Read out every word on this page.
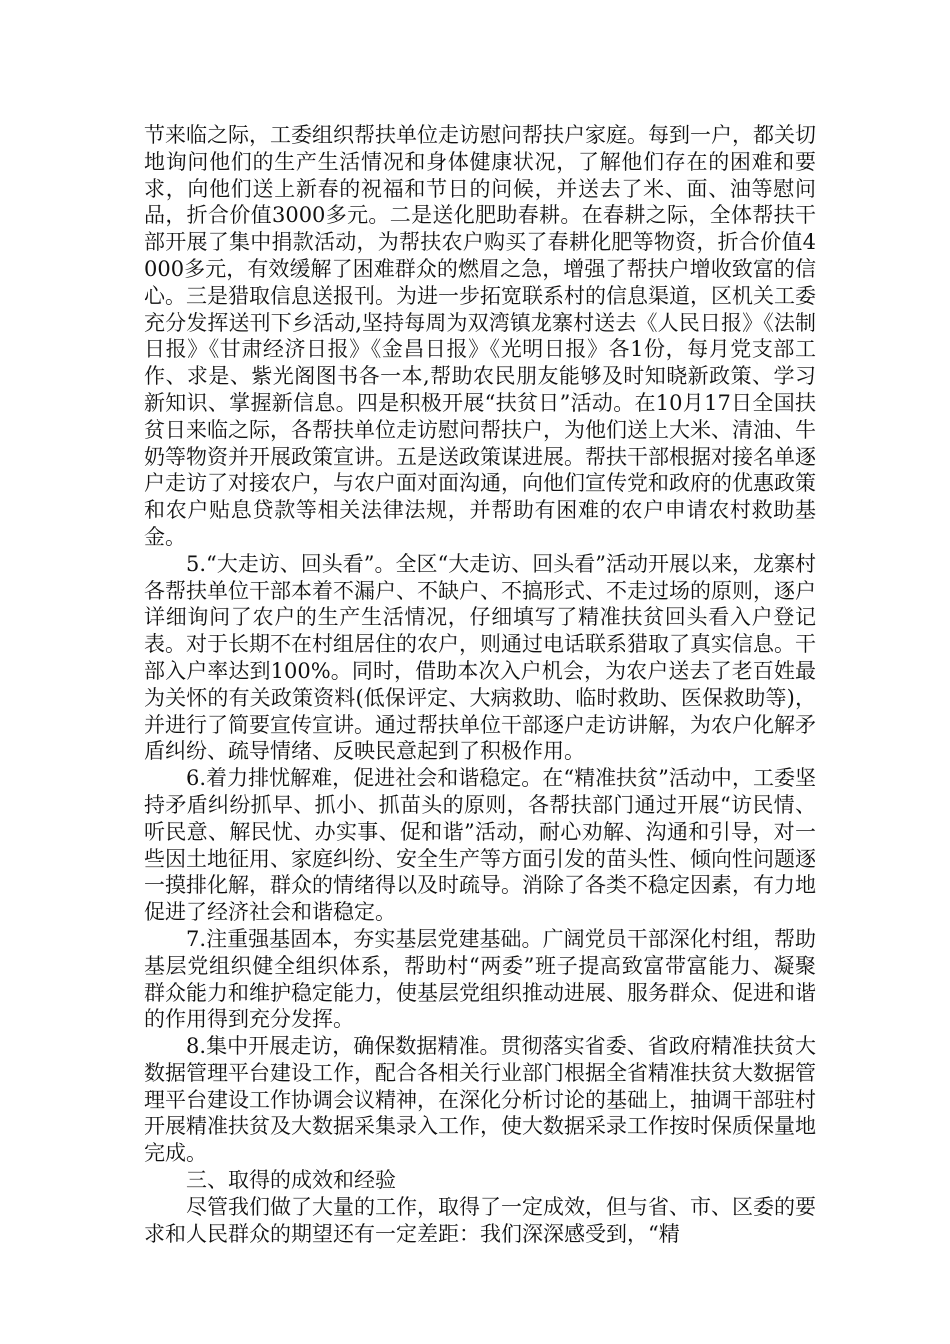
节来临之际，工委组织帮扶单位走访慰问帮扶户家庭。每到一户，都关切地询问他们的生产生活情况和身体健康状况，了解他们存在的困难和要求，向他们送上新春的祝福和节日的问候，并送去了米、面、油等慰问品，折合价值3000多元。二是送化肥助春耕。在春耕之际，全体帮扶干部开展了集中捐款活动，为帮扶农户购买了春耕化肥等物资，折合价值4000多元，有效缓解了困难群众的燃眉之急，增强了帮扶户增收致富的信心。三是猎取信息送报刊。为进一步拓宽联系村的信息渠道，区机关工委充分发挥送刊下乡活动,坚持每周为双湾镇龙寨村送去《人民日报》《法制日报》《甘肃经济日报》《金昌日报》《光明日报》各1份，每月党支部工作、求是、紫光阁图书各一本,帮助农民朋友能够及时知晓新政策、学习新知识、掌握新信息。四是积极开展“扶贫日”活动。在10月17日全国扶贫日来临之际，各帮扶单位走访慰问帮扶户，为他们送上大米、清油、牛奶等物资并开展政策宣讲。五是送政策谋进展。帮扶干部根据对接名单逐户走访了对接农户，与农户面对面沟通，向他们宣传党和政府的优惠政策和农户贴息贷款等相关法律法规，并帮助有困难的农户申请农村救助基金。

5.“大走访、回头看”。全区“大走访、回头看”活动开展以来，龙寨村各帮扶单位干部本着不漏户、不缺户、不搞形式、不走过场的原则，逐户详细询问了农户的生产生活情况，仔细填写了精准扶贫回头看入户登记表。对于长期不在村组居住的农户，则通过电话联系猎取了真实信息。干部入户率达到100%。同时，借助本次入户机会，为农户送去了老百姓最为关怀的有关政策资料(低保评定、大病救助、临时救助、医保救助等)，并进行了简要宣传宣讲。通过帮扶单位干部逐户走访讲解，为农户化解矛盾纠纷、疏导情绪、反映民意起到了积极作用。

6.着力排忧解难，促进社会和谐稳定。在“精准扶贫”活动中，工委坚持矛盾纠纷抓早、抓小、抓苗头的原则，各帮扶部门通过开展“访民情、听民意、解民忧、办实事、促和谐”活动，耐心劝解、沟通和引导，对一些因土地征用、家庭纠纷、安全生产等方面引发的苗头性、倾向性问题逐一摸排化解，群众的情绪得以及时疏导。消除了各类不稳定因素，有力地促进了经济社会和谐稳定。

7.注重强基固本，夯实基层党建基础。广阔党员干部深化村组，帮助基层党组织健全组织体系，帮助村“两委”班子提高致富带富能力、凝聚群众能力和维护稳定能力，使基层党组织推动进展、服务群众、促进和谐的作用得到充分发挥。

8.集中开展走访，确保数据精准。贯彻落实省委、省政府精准扶贫大数据管理平台建设工作，配合各相关行业部门根据全省精准扶贫大数据管理平台建设工作协调会议精神，在深化分析讨论的基础上，抽调干部驻村开展精准扶贫及大数据采集录入工作，使大数据采录工作按时保质保量地完成。

三、取得的成效和经验

尽管我们做了大量的工作，取得了一定成效，但与省、市、区委的要求和人民群众的期望还有一定差距：我们深深感受到，“精
